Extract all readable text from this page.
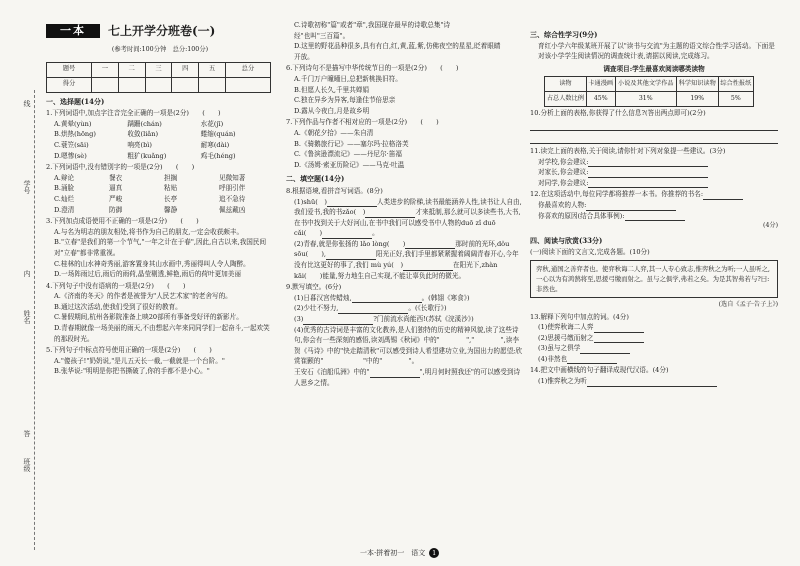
线
学号
内
姓名
答
班级
一本	七上开学分班卷(一)
(参考时间:100分钟　总分:100分)
题号	一	二	三	四	五	总分
得分						
一、选择题(14分)
1.下列词语中,加点字注音完全正确的一项是(2分)　　(　　)
A.黄晕(yùn)	蹒跚(chán)	水花(jī)
B.烘热(hōng)	收敛(liǎn)	蜷缩(quán)
C.蓑笠(sāi)	响亮(bì)	耐寒(dài)
D.嗯惨(sè)	粗犷(kuǎng)	鸡毛(héng)
2.下列词语中,没有错别字的一项是(2分)　　(　　)
A.辩论	餐衣	担搁	见微知著
B.涌脸	逼真	粘贴	呼朋引伴
C.灿烂	严峻	长亭	追不急待
D.澄清	防御	馨静	佩兹戴凶
3.下列加点成语使用不正确的一项是(2分)　　(　　)
A.与名为明志的朋友相处,将书作为自己的朋友,一定会收获颇丰。
B."立春"是我们的第一个节气,"一年之计在于春",因此,自古以来,我国民间对"立春"都非常重视。
C.桂林的山水神奇秀丽,游客置身其山水画中,秀丽得叫人令人陶醉。
D.一场阵雨过后,雨后的雨荷,晶莹剔透,鲜艳,雨后的荷叶更加美丽
4.下列句子中没有语病的一项是(2分)　　(　　)
A.《济南的冬天》的作者是被誉为"人民艺术家"的老舍写的。
B.通过这次活动,使我们受到了很好的教育。
C.暑假期间,杭州各影院准备上映20部所有事备受好评的新影片。
D.青春期就像一场美丽的雨天,不由想起六年来同同学们一起奋斗,一起欢笑的那段时光。
5.下列句子中标点符号使用正确的一项是(2分)　　(　　)
A."傻孩子!"奶奶说,"是儿五天长一截,一截就是一个台阶。"
B.张华说:"明明是你把书撕破了,你的手都不是小心。"
C.诗歌初称"篇"或者"章",我国现存最早的诗歌总集"诗
经"也叫"三百篇"。
D.这里的野花品种很多,具有有白,红,黄,蓝,紫,仿佛夜空的星星,眨着眼睛
开放。
6.下列诗句不是描写中华传统节日的一项是(2分)　　(　　)
A.千门万户曈曈日,总把新桃换旧符。
B.但愿人长久,千里共婵娟
C.独在异乡为异客,每逢佳节倍思亲
D.露从今夜白,月是故乡明
7.下列作品与作者不相对应的一项是(2分)　　(　　)
A.《朝花夕拾》——朱自清
B.《骑鹅旅行记》——塞尔玛·拉格洛芙
C.《鲁滨逊漂流记》——丹尼尔·笛福
D.《汤姆·索亚历险记》——马克·吐温
二、填空题(14分)
8.根据语境,看拼音写词语。(8分)
(1)shū(　)	人类进步的阶梯,读书最能涵养人性,读书让人自由,我们爱书,我的书zǎo(　)	才来抵制,那么就可以多读些书,大书,在书中找到关于大好河山,在书中我们可以感受书中人物的duō zǐ duō cǎi(　　)	。
(2)青春,就是你张扬的 lǎo lòng(　　)	那时前的光环,dǒu sōu(　　),	阳光正好,我们手里都紧紧握着阔阔青春开心,今年没有比这更好的事了,我们 mù yú(　)	在阳光下,zhàn kāi(　　)能量,努力地生自己实现,不能让辜负此时的微光。
9.默写填空。(6分)
(1)日暮汉宫传蜡烛,	。(韩翃《寒食》)
(2)少壮不努力,	。(《长歌行》)
(3)	?门前流水尚能西!(苏轼《浣溪沙》)
(4)优秀的古诗词是丰富的文化教养,是人们独特的历史的精神风貌,读了这些诗句,你会有一些深刻的感悟,读刘禹锡《秋词》中的"　　　　","　　　　",读李贺《马诗》中的"快走踏清秋"可以感受到诗人希望建功立业,为国出力的愿望;欣赏崔颢的"　　　　　　"中的"　　　　"。
王安石《泊船瓜洲》中的"	",明月何时照我还"的可以感受到诗人思乡之情。
三、综合性学习(9分)
育红小学六年级某班开展了以"读书与交流"为主题的语文综合性学习活动。下面是对该小学学生阅读情况的调查统计表,请据以阅读,完成练习。
调查项目:学生最喜欢阅读哪类读物
读物	卡通漫画	小说及其他文学作品	科学知识读物	综合性报纸
占总人数比例	45%	31%	19%	5%
10.分析上面的表格,你获得了什么信息?(答出两点即可)(2分)
11.读完上面的表格,关于阅读,请你针对下列对象提一些建议。(3分)
对学校,你会建议:
对家长,你会建议:
对同学,你会建议:
12.在这项活动中,每位同学都将推荐一本书。你推荐的书名:
你最喜欢的人物:
你喜欢的原因(结合具体事例):
(4分)
四、阅读与欣赏(33分)
(一)阅读下面的文言文,完成各题。(10分)
弈秋,通国之善弈者也。使弈秋诲二人弈,其一人专心致志,惟弈秋之为听;一人虽听之,一心以为有鸿鹄将至,思援弓缴而射之。虽与之俱学,弗若之矣。为是其智弗若与?曰:非然也。
(选自《孟子·告子上》)
13.解释下列句中加点的词。(4分)
(1)使弈秋诲二人弈
(2)思援弓缴而射之
(3)虽与之俱学
(4)非然也
14.把文中画横线的句子翻译成现代汉语。(4分)
(1)惟弈秋之为听
一本·拼着初一　语文	1
